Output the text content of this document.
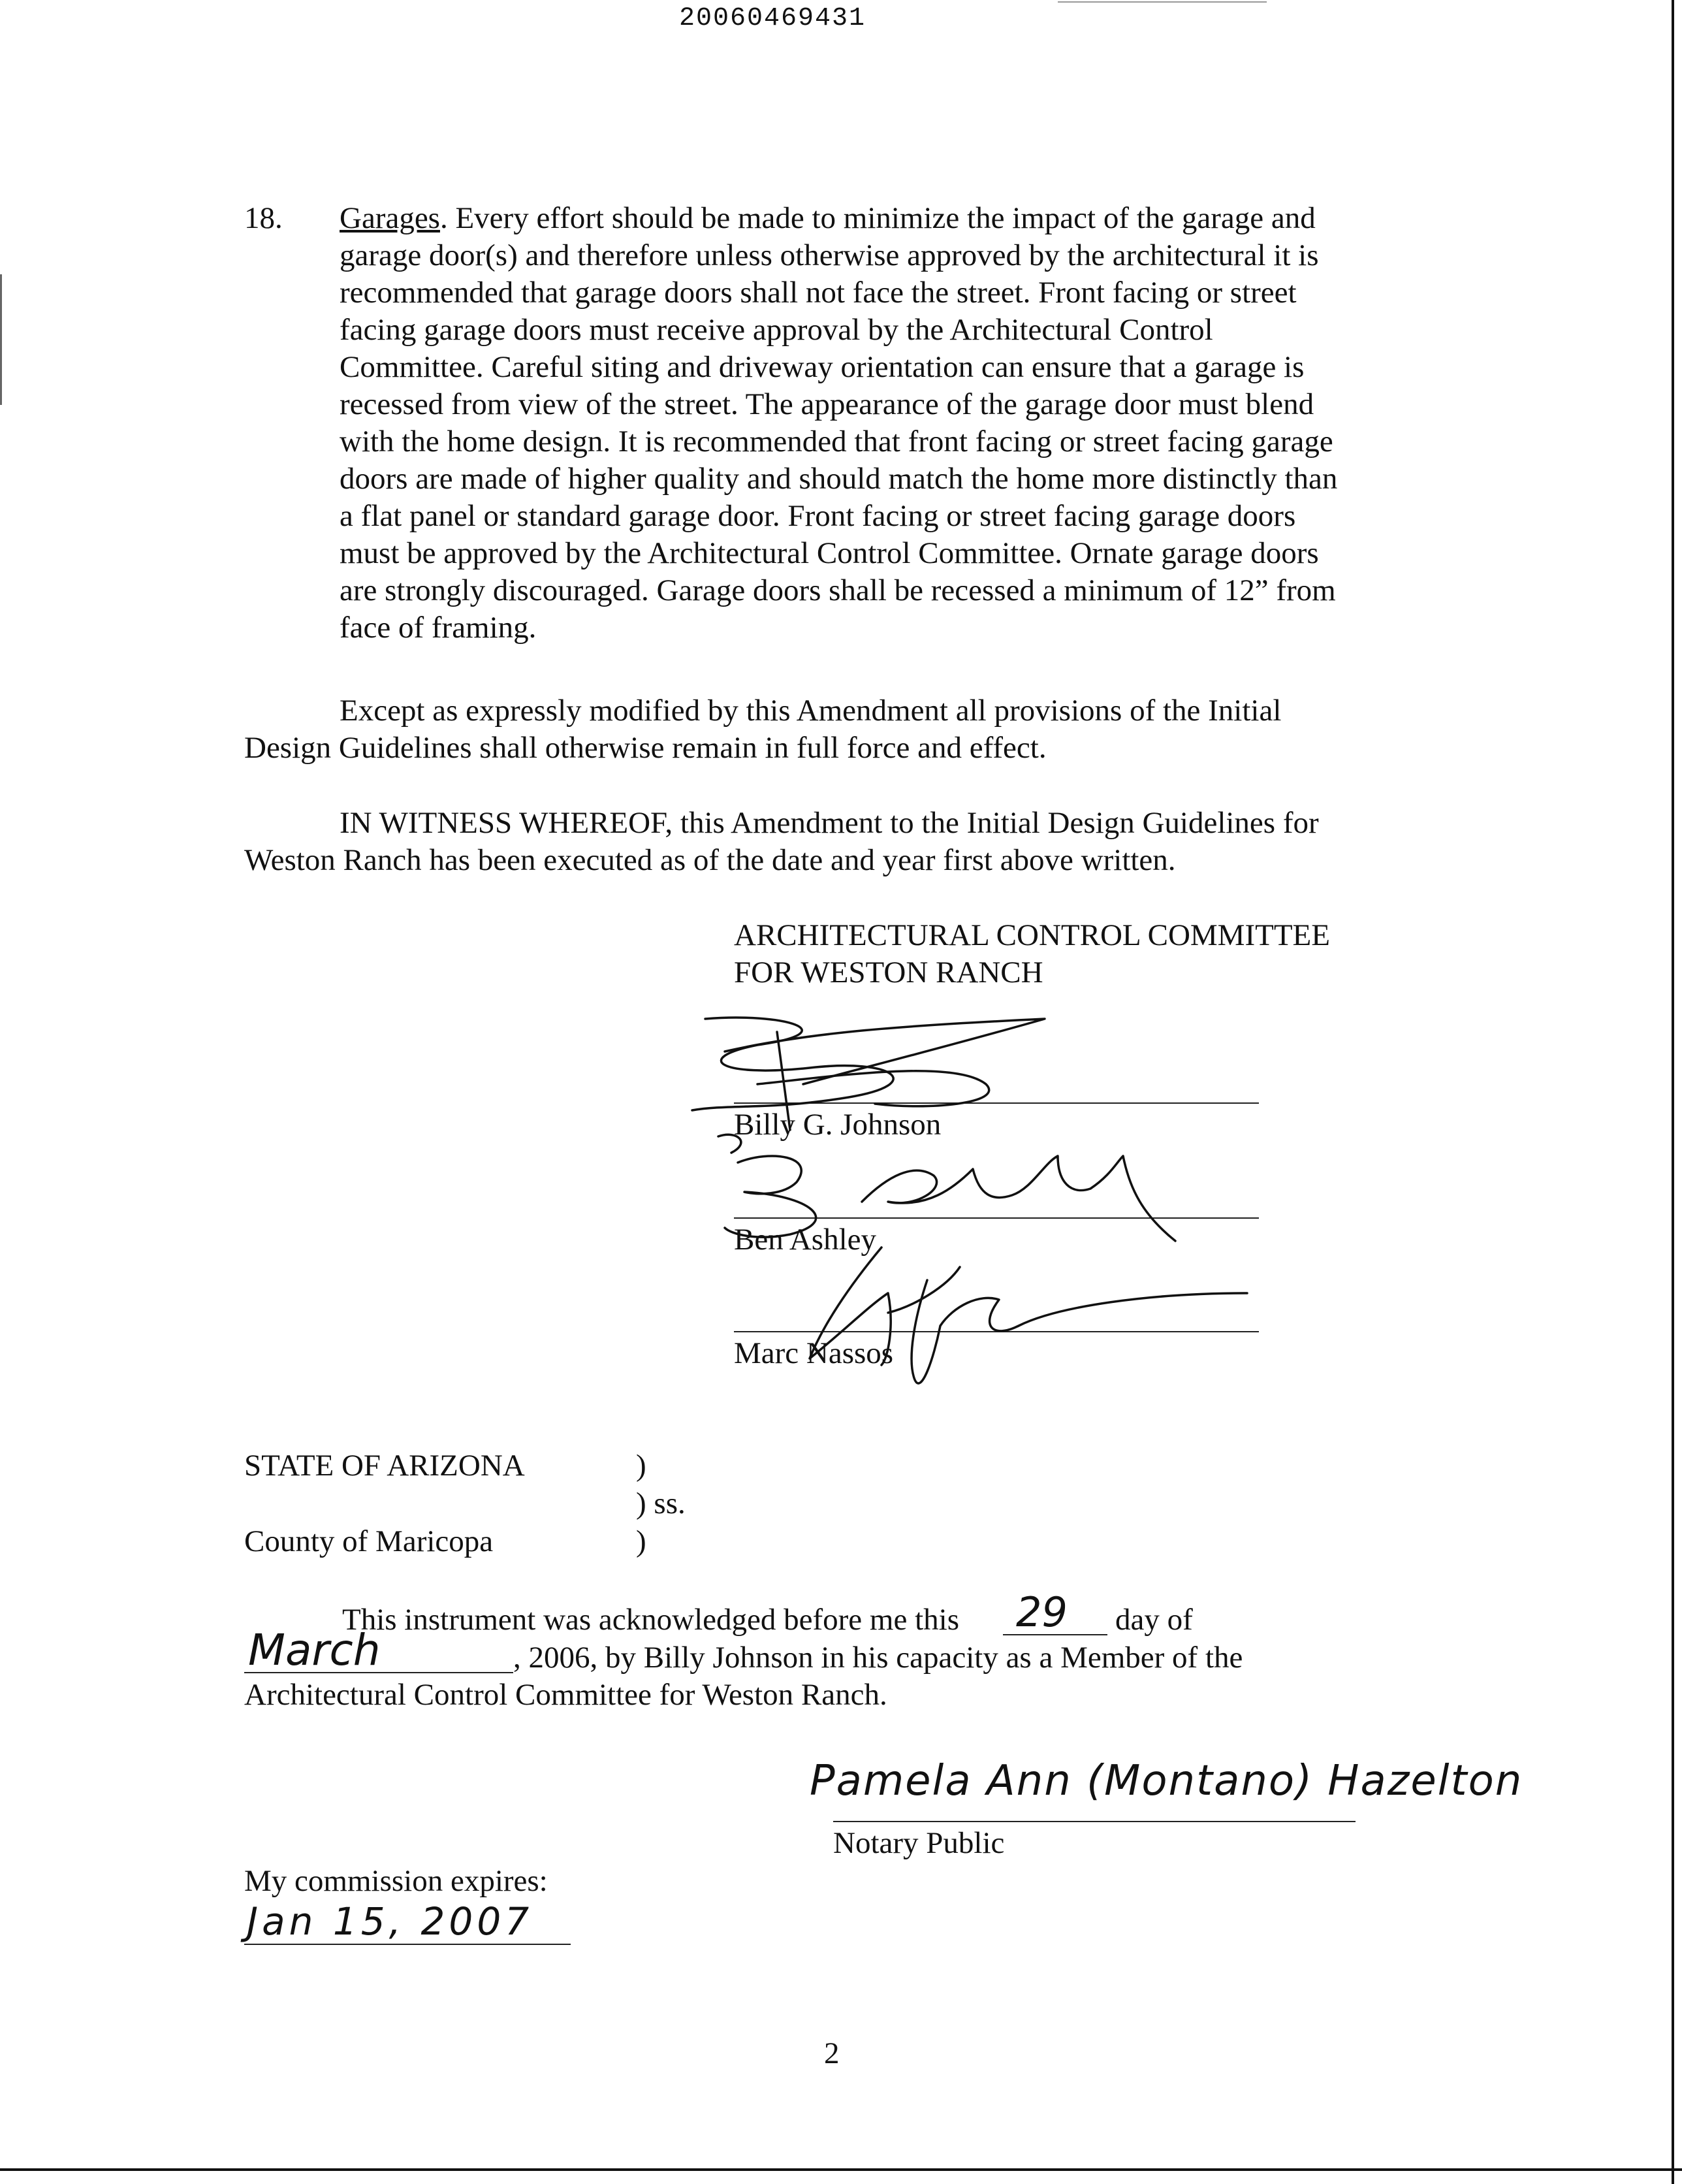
20060469431
18. Garages. Every effort should be made to minimize the impact of the garage and
garage door(s) and therefore unless otherwise approved by the architectural it is
recommended that garage doors shall not face the street. Front facing or street
facing garage doors must receive approval by the Architectural Control
Committee. Careful siting and driveway orientation can ensure that a garage is
recessed from view of the street. The appearance of the garage door must blend
with the home design. It is recommended that front facing or street facing garage
doors are made of higher quality and should match the home more distinctly than
a flat panel or standard garage door. Front facing or street facing garage doors
must be approved by the Architectural Control Committee. Ornate garage doors
are strongly discouraged. Garage doors shall be recessed a minimum of 12” from
face of framing.
Except as expressly modified by this Amendment all provisions of the Initial
Design Guidelines shall otherwise remain in full force and effect.
IN WITNESS WHEREOF, this Amendment to the Initial Design Guidelines for
Weston Ranch has been executed as of the date and year first above written.
ARCHITECTURAL CONTROL COMMITTEE
FOR WESTON RANCH
Billy G. Johnson
Ben Ashley
Marc Nassos
STATE OF ARIZONA	)
) ss.
County of Maricopa	)
This instrument was acknowledged before me this 29 day of
March	, 2006, by Billy Johnson in his capacity as a Member of the
Architectural Control Committee for Weston Ranch.
Pamela Ann (Montano) Hazelton
Notary Public
My commission expires:
Jan 15, 2007
2
